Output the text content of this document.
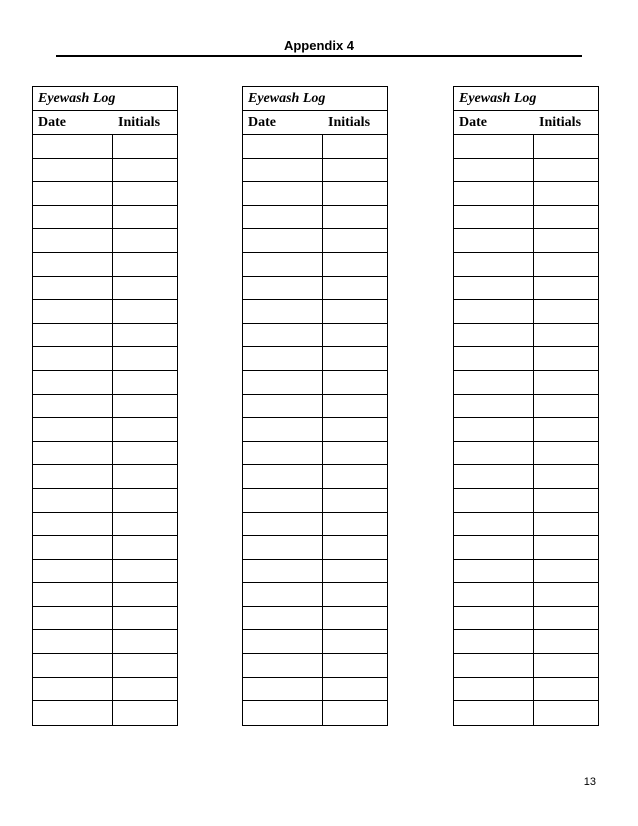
Appendix 4
Eyewash Log
Date	Initials
Eyewash Log
Date	Initials
Eyewash Log
Date	Initials
13
